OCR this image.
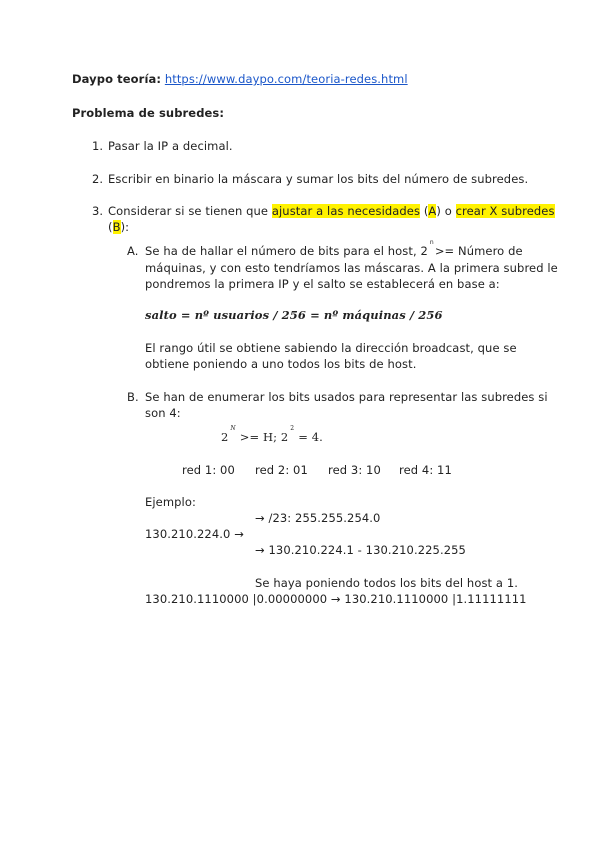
Daypo teoría: https://www.daypo.com/teoria-redes.html
Problema de subredes:
1. Pasar la IP a decimal.
2. Escribir en binario la máscara y sumar los bits del número de subredes.
3. Considerar si se tienen que ajustar a las necesidades (A) o crear X subredes
(B):
A. Se ha de hallar el número de bits para el host, $2^n>=$ Número de
máquinas, y con esto tendríamos las máscaras. A la primera subred le
pondremos la primera IP y el salto se establecerá en base a:
salto = nº usuarios / 256 = nº máquinas / 256
El rango útil se obtiene sabiendo la dirección broadcast, que se
obtiene poniendo a uno todos los bits de host.
B. Se han de enumerar los bits usados para representar las subredes si
son 4:
$2^N>= H$; $2^2= 4$.
red 1: 00 red 2: 01 red 3: 10 red 4: 11
Ejemplo:
→ /23: 255.255.254.0
130.210.224.0 →
→ 130.210.224.1 - 130.210.225.255
Se haya poniendo todos los bits del host a 1.
130.210.1110000 |0.00000000 → 130.210.1110000 |1.11111111
